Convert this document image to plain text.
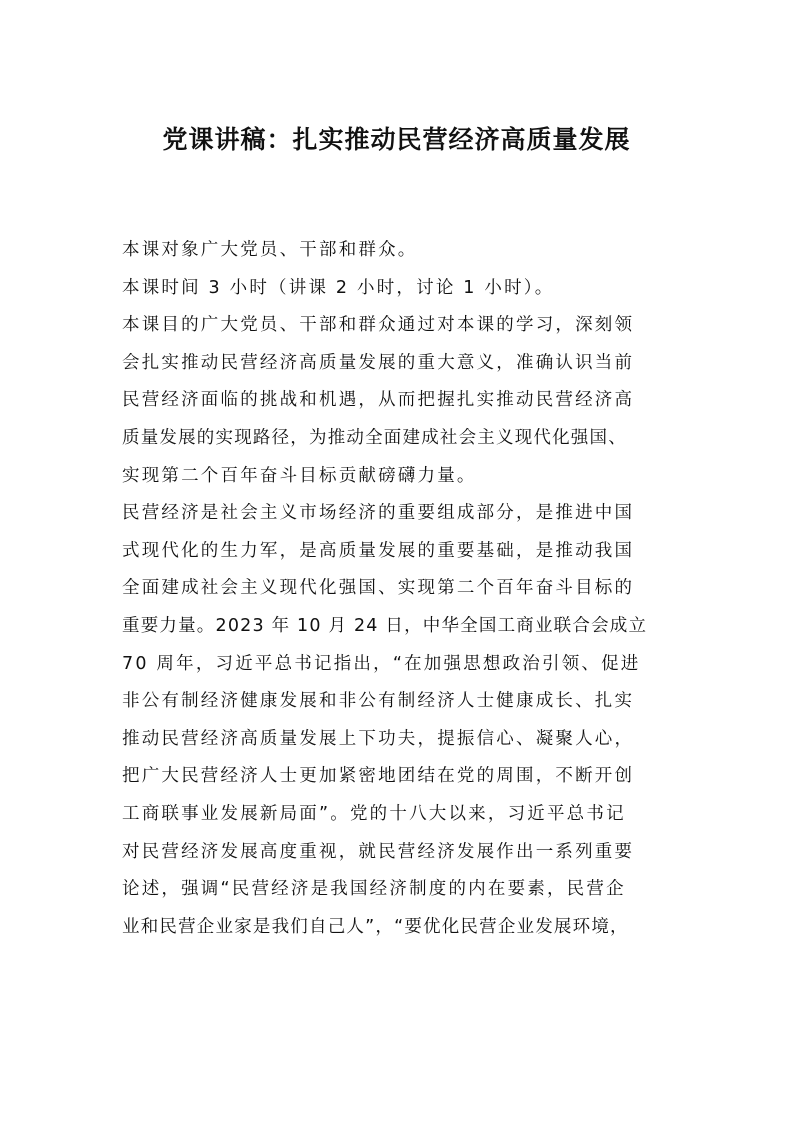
党课讲稿：扎实推动民营经济高质量发展
本课对象广大党员、干部和群众。
本课时间 3 小时（讲课 2 小时，讨论 1 小时）。
本课目的广大党员、干部和群众通过对本课的学习，深刻领
会扎实推动民营经济高质量发展的重大意义，准确认识当前
民营经济面临的挑战和机遇，从而把握扎实推动民营经济高
质量发展的实现路径，为推动全面建成社会主义现代化强国、
实现第二个百年奋斗目标贡献磅礴力量。
民营经济是社会主义市场经济的重要组成部分，是推进中国
式现代化的生力军，是高质量发展的重要基础，是推动我国
全面建成社会主义现代化强国、实现第二个百年奋斗目标的
重要力量。2023 年 10 月 24 日，中华全国工商业联合会成立
70 周年，习近平总书记指出，“在加强思想政治引领、促进
非公有制经济健康发展和非公有制经济人士健康成长、扎实
推动民营经济高质量发展上下功夫，提振信心、凝聚人心，
把广大民营经济人士更加紧密地团结在党的周围，不断开创
工商联事业发展新局面”。党的十八大以来，习近平总书记
对民营经济发展高度重视，就民营经济发展作出一系列重要
论述，强调“民营经济是我国经济制度的内在要素，民营企
业和民营企业家是我们自己人”，“要优化民营企业发展环境，
